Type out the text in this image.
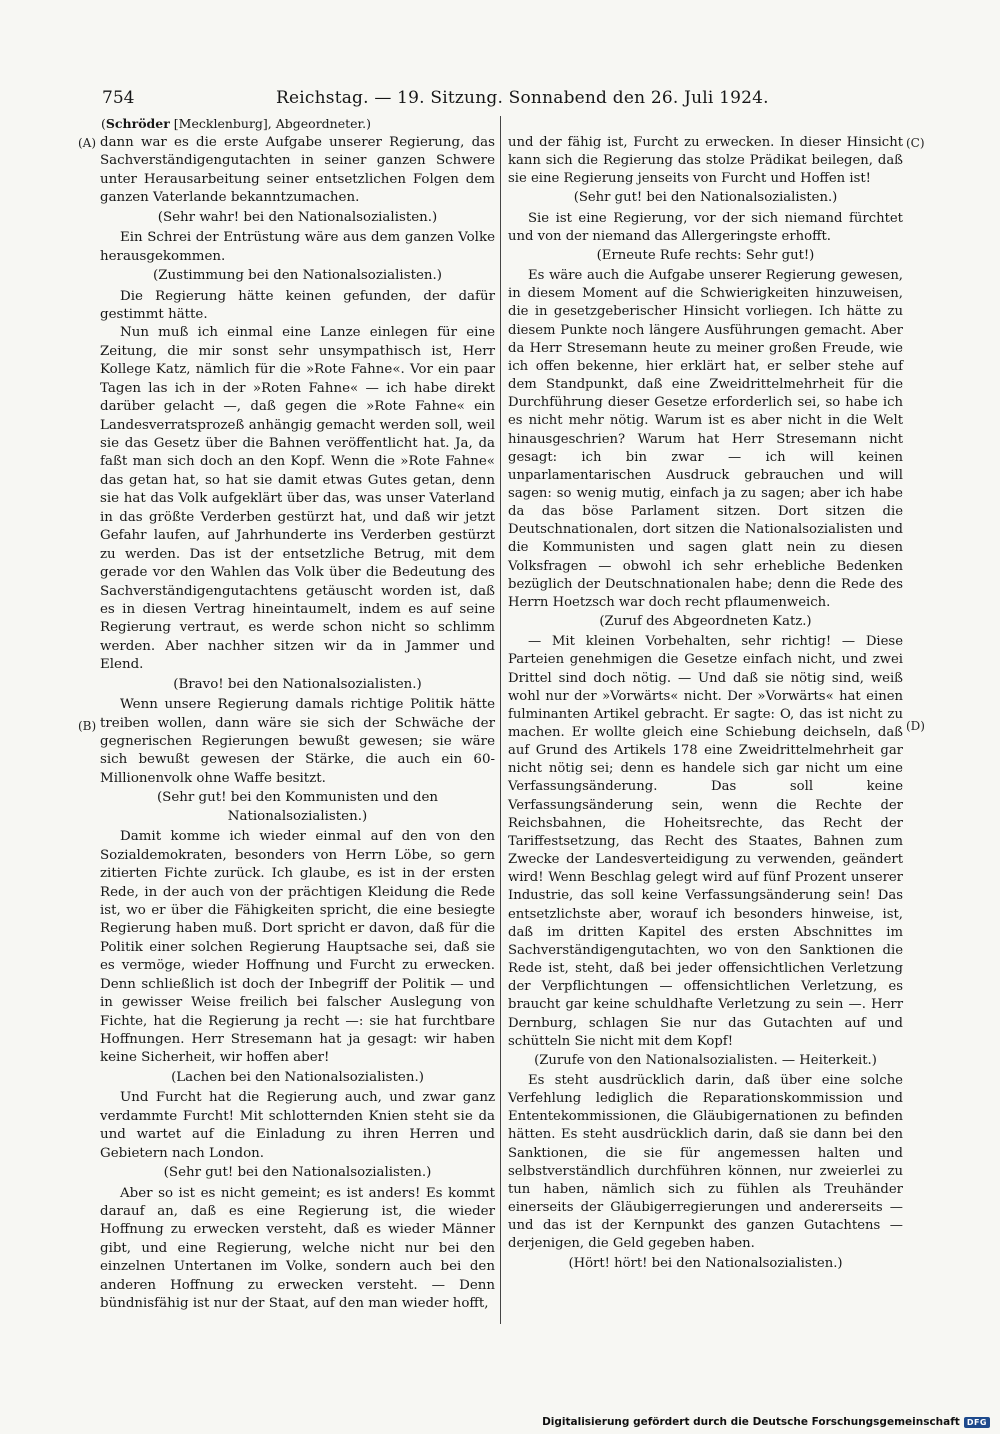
754	Reichstag. — 19. Sitzung. Sonnabend den 26. Juli 1924.
(Schröder [Mecklenburg], Abgeordneter.)
(A)
(B)
(C)
(D)

dann war es die erste Aufgabe unserer Regierung, das Sachverständigengutachten in seiner ganzen Schwere unter Herausarbeitung seiner entsetzlichen Folgen dem ganzen Vaterlande bekanntzumachen.

(Sehr wahr! bei den Nationalsozialisten.)

Ein Schrei der Entrüstung wäre aus dem ganzen Volke herausgekommen.

(Zustimmung bei den Nationalsozialisten.)

Die Regierung hätte keinen gefunden, der dafür gestimmt hätte.

Nun muß ich einmal eine Lanze einlegen für eine Zeitung, die mir sonst sehr unsympathisch ist, Herr Kollege Katz, nämlich für die »Rote Fahne«. Vor ein paar Tagen las ich in der »Roten Fahne« — ich habe direkt darüber gelacht —, daß gegen die »Rote Fahne« ein Landesverratsprozeß anhängig gemacht werden soll, weil sie das Gesetz über die Bahnen veröffentlicht hat. Ja, da faßt man sich doch an den Kopf. Wenn die »Rote Fahne« das getan hat, so hat sie damit etwas Gutes getan, denn sie hat das Volk aufgeklärt über das, was unser Vaterland in das größte Verderben gestürzt hat, und daß wir jetzt Gefahr laufen, auf Jahrhunderte ins Verderben gestürzt zu werden. Das ist der entsetzliche Betrug, mit dem gerade vor den Wahlen das Volk über die Bedeutung des Sachverständigengutachtens getäuscht worden ist, daß es in diesen Vertrag hineintaumelt, indem es auf seine Regierung vertraut, es werde schon nicht so schlimm werden. Aber nachher sitzen wir da in Jammer und Elend.

(Bravo! bei den Nationalsozialisten.)

Wenn unsere Regierung damals richtige Politik hätte treiben wollen, dann wäre sie sich der Schwäche der gegnerischen Regierungen bewußt gewesen; sie wäre sich bewußt gewesen der Stärke, die auch ein 60-Millionenvolk ohne Waffe besitzt.

(Sehr gut! bei den Kommunisten und den Nationalsozialisten.)

Damit komme ich wieder einmal auf den von den Sozialdemokraten, besonders von Herrn Löbe, so gern zitierten Fichte zurück. Ich glaube, es ist in der ersten Rede, in der auch von der prächtigen Kleidung die Rede ist, wo er über die Fähigkeiten spricht, die eine besiegte Regierung haben muß. Dort spricht er davon, daß für die Politik einer solchen Regierung Hauptsache sei, daß sie es vermöge, wieder Hoffnung und Furcht zu erwecken. Denn schließlich ist doch der Inbegriff der Politik — und in gewisser Weise freilich bei falscher Auslegung von Fichte, hat die Regierung ja recht —: sie hat furchtbare Hoffnungen. Herr Stresemann hat ja gesagt: wir haben keine Sicherheit, wir hoffen aber!

(Lachen bei den Nationalsozialisten.)

Und Furcht hat die Regierung auch, und zwar ganz verdammte Furcht! Mit schlotternden Knien steht sie da und wartet auf die Einladung zu ihren Herren und Gebietern nach London.

(Sehr gut! bei den Nationalsozialisten.)

Aber so ist es nicht gemeint; es ist anders! Es kommt darauf an, daß es eine Regierung ist, die wieder Hoffnung zu erwecken versteht, daß es wieder Männer gibt, und eine Regierung, welche nicht nur bei den einzelnen Untertanen im Volke, sondern auch bei den anderen Hoffnung zu erwecken versteht. — Denn bündnisfähig ist nur der Staat, auf den man wieder hofft,

und der fähig ist, Furcht zu erwecken. In dieser Hinsicht kann sich die Regierung das stolze Prädikat beilegen, daß sie eine Regierung jenseits von Furcht und Hoffen ist!

(Sehr gut! bei den Nationalsozialisten.)

Sie ist eine Regierung, vor der sich niemand fürchtet und von der niemand das Allergeringste erhofft.

(Erneute Rufe rechts: Sehr gut!)

Es wäre auch die Aufgabe unserer Regierung gewesen, in diesem Moment auf die Schwierigkeiten hinzuweisen, die in gesetzgeberischer Hinsicht vorliegen. Ich hätte zu diesem Punkte noch längere Ausführungen gemacht. Aber da Herr Stresemann heute zu meiner großen Freude, wie ich offen bekenne, hier erklärt hat, er selber stehe auf dem Standpunkt, daß eine Zweidrittelmehrheit für die Durchführung dieser Gesetze erforderlich sei, so habe ich es nicht mehr nötig. Warum ist es aber nicht in die Welt hinausgeschrien? Warum hat Herr Stresemann nicht gesagt: ich bin zwar — ich will keinen unparlamentarischen Ausdruck gebrauchen und will sagen: so wenig mutig, einfach ja zu sagen; aber ich habe da das böse Parlament sitzen. Dort sitzen die Deutschnationalen, dort sitzen die Nationalsozialisten und die Kommunisten und sagen glatt nein zu diesen Volksfragen — obwohl ich sehr erhebliche Bedenken bezüglich der Deutschnationalen habe; denn die Rede des Herrn Hoetzsch war doch recht pflaumenweich.

(Zuruf des Abgeordneten Katz.)

— Mit kleinen Vorbehalten, sehr richtig! — Diese Parteien genehmigen die Gesetze einfach nicht, und zwei Drittel sind doch nötig. — Und daß sie nötig sind, weiß wohl nur der »Vorwärts« nicht. Der »Vorwärts« hat einen fulminanten Artikel gebracht. Er sagte: O, das ist nicht zu machen. Er wollte gleich eine Schiebung deichseln, daß auf Grund des Artikels 178 eine Zweidrittelmehrheit gar nicht nötig sei; denn es handele sich gar nicht um eine Verfassungsänderung. Das soll keine Verfassungsänderung sein, wenn die Rechte der Reichsbahnen, die Hoheitsrechte, das Recht der Tariffestsetzung, das Recht des Staates, Bahnen zum Zwecke der Landesverteidigung zu verwenden, geändert wird! Wenn Beschlag gelegt wird auf fünf Prozent unserer Industrie, das soll keine Verfassungsänderung sein! Das entsetzlichste aber, worauf ich besonders hinweise, ist, daß im dritten Kapitel des ersten Abschnittes im Sachverständigengutachten, wo von den Sanktionen die Rede ist, steht, daß bei jeder offensichtlichen Verletzung der Verpflichtungen — offensichtlichen Verletzung, es braucht gar keine schuldhafte Verletzung zu sein —. Herr Dernburg, schlagen Sie nur das Gutachten auf und schütteln Sie nicht mit dem Kopf!

(Zurufe von den Nationalsozialisten. — Heiterkeit.)

Es steht ausdrücklich darin, daß über eine solche Verfehlung lediglich die Reparationskommission und Ententekommissionen, die Gläubigernationen zu befinden hätten. Es steht ausdrücklich darin, daß sie dann bei den Sanktionen, die sie für angemessen halten und selbstverständlich durchführen können, nur zweierlei zu tun haben, nämlich sich zu fühlen als Treuhänder einerseits der Gläubigerregierungen und andererseits — und das ist der Kernpunkt des ganzen Gutachtens — derjenigen, die Geld gegeben haben.

(Hört! hört! bei den Nationalsozialisten.)

Digitalisierung gefördert durch die Deutsche Forschungsgemeinschaft DFG
